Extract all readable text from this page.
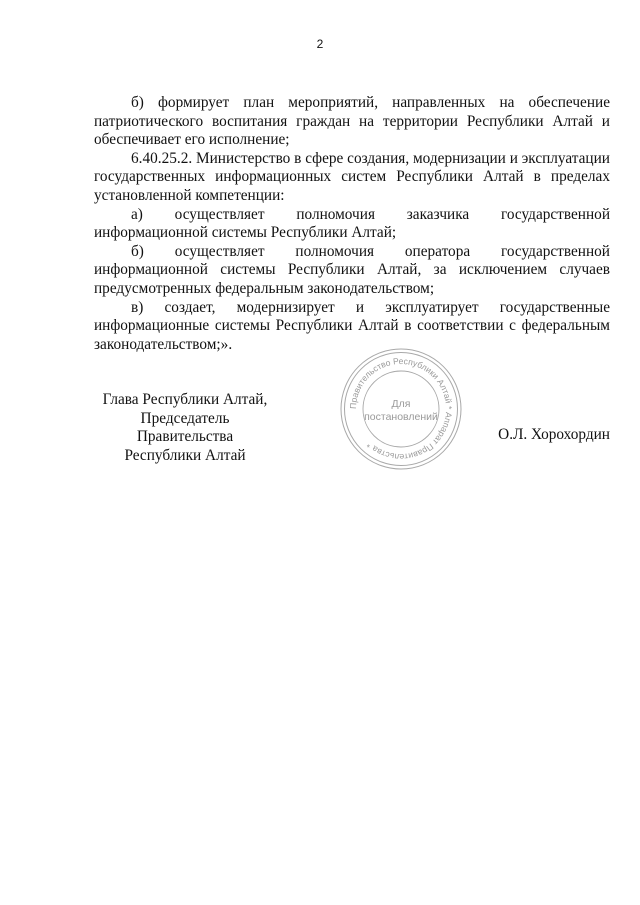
2

б) формирует план мероприятий, направленных на обеспечение патриотического воспитания граждан на территории Республики Алтай и обеспечивает его исполнение;

6.40.25.2. Министерство в сфере создания, модернизации и эксплуатации государственных информационных систем Республики Алтай в пределах установленной компетенции:

а) осуществляет полномочия заказчика государственной информационной системы Республики Алтай;

б) осуществляет полномочия оператора государственной информационной системы Республики Алтай, за исключением случаев предусмотренных федеральным законодательством;

в) создает, модернизирует и эксплуатирует государственные информационные системы Республики Алтай в соответствии с федеральным законодательством;».

Глава Республики Алтай,
Председатель Правительства
Республики Алтай
Правительство Республики Алтай * Аппарат Правительства *
Для
постановлений
О.Л. Хорохордин
